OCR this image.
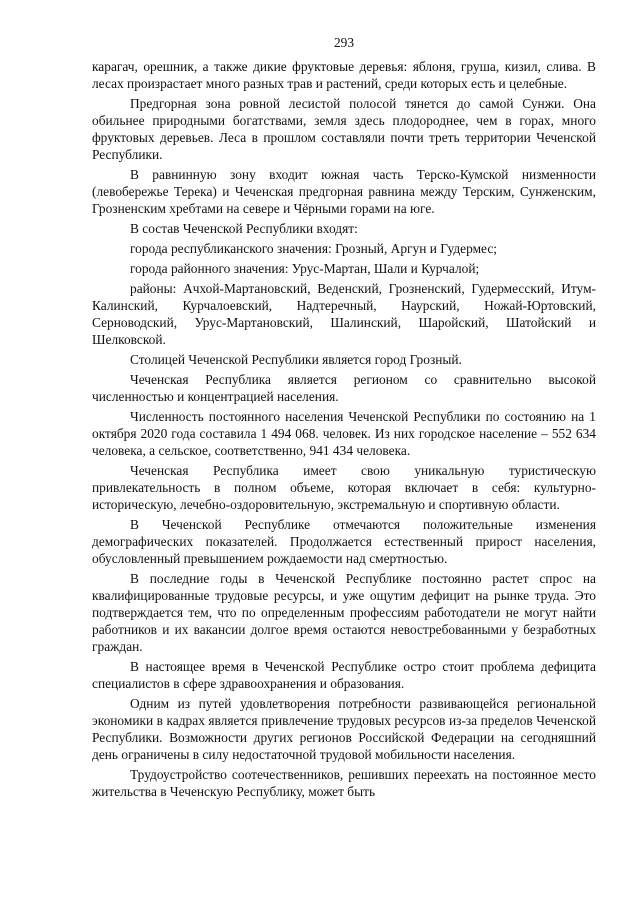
293

карагач, орешник, а также дикие фруктовые деревья: яблоня, груша, кизил, слива. В лесах произрастает много разных трав и растений, среди которых есть и целебные.

Предгорная зона ровной лесистой полосой тянется до самой Сунжи. Она обильнее природными богатствами, земля здесь плодороднее, чем в горах, много фруктовых деревьев. Леса в прошлом составляли почти треть территории Чеченской Республики.

В равнинную зону входит южная часть Терско-Кумской низменности (левобережье Терека) и Чеченская предгорная равнина между Терским, Сунженским, Грозненским хребтами на севере и Чёрными горами на юге.

В состав Чеченской Республики входят:

города республиканского значения: Грозный, Аргун и Гудермес;

города районного значения: Урус-Мартан, Шали и Курчалой;

районы: Ачхой-Мартановский, Веденский, Грозненский, Гудермесский, Итум-Калинский, Курчалоевский, Надтеречный, Наурский, Ножай-Юртовский, Серноводский, Урус-Мартановский, Шалинский, Шаройский, Шатойский и Шелковской.

Столицей Чеченской Республики является город Грозный.

Чеченская Республика является регионом со сравнительно высокой численностью и концентрацией населения.

Численность постоянного населения Чеченской Республики по состоянию на 1 октября 2020 года составила 1 494 068. человек. Из них городское население – 552 634 человека, а сельское, соответственно, 941 434 человека.

Чеченская Республика имеет свою уникальную туристическую привлекательность в полном объеме, которая включает в себя: культурно-историческую, лечебно-оздоровительную, экстремальную и спортивную области.

В Чеченской Республике отмечаются положительные изменения демографических показателей. Продолжается естественный прирост населения, обусловленный превышением рождаемости над смертностью.

В последние годы в Чеченской Республике постоянно растет спрос на квалифицированные трудовые ресурсы, и уже ощутим дефицит на рынке труда. Это подтверждается тем, что по определенным профессиям работодатели не могут найти работников и их вакансии долгое время остаются невостребованными у безработных граждан.

В настоящее время в Чеченской Республике остро стоит проблема дефицита специалистов в сфере здравоохранения и образования.

Одним из путей удовлетворения потребности развивающейся региональной экономики в кадрах является привлечение трудовых ресурсов из-за пределов Чеченской Республики. Возможности других регионов Российской Федерации на сегодняшний день ограничены в силу недостаточной трудовой мобильности населения.

Трудоустройство соотечественников, решивших переехать на постоянное место жительства в Чеченскую Республику, может быть
